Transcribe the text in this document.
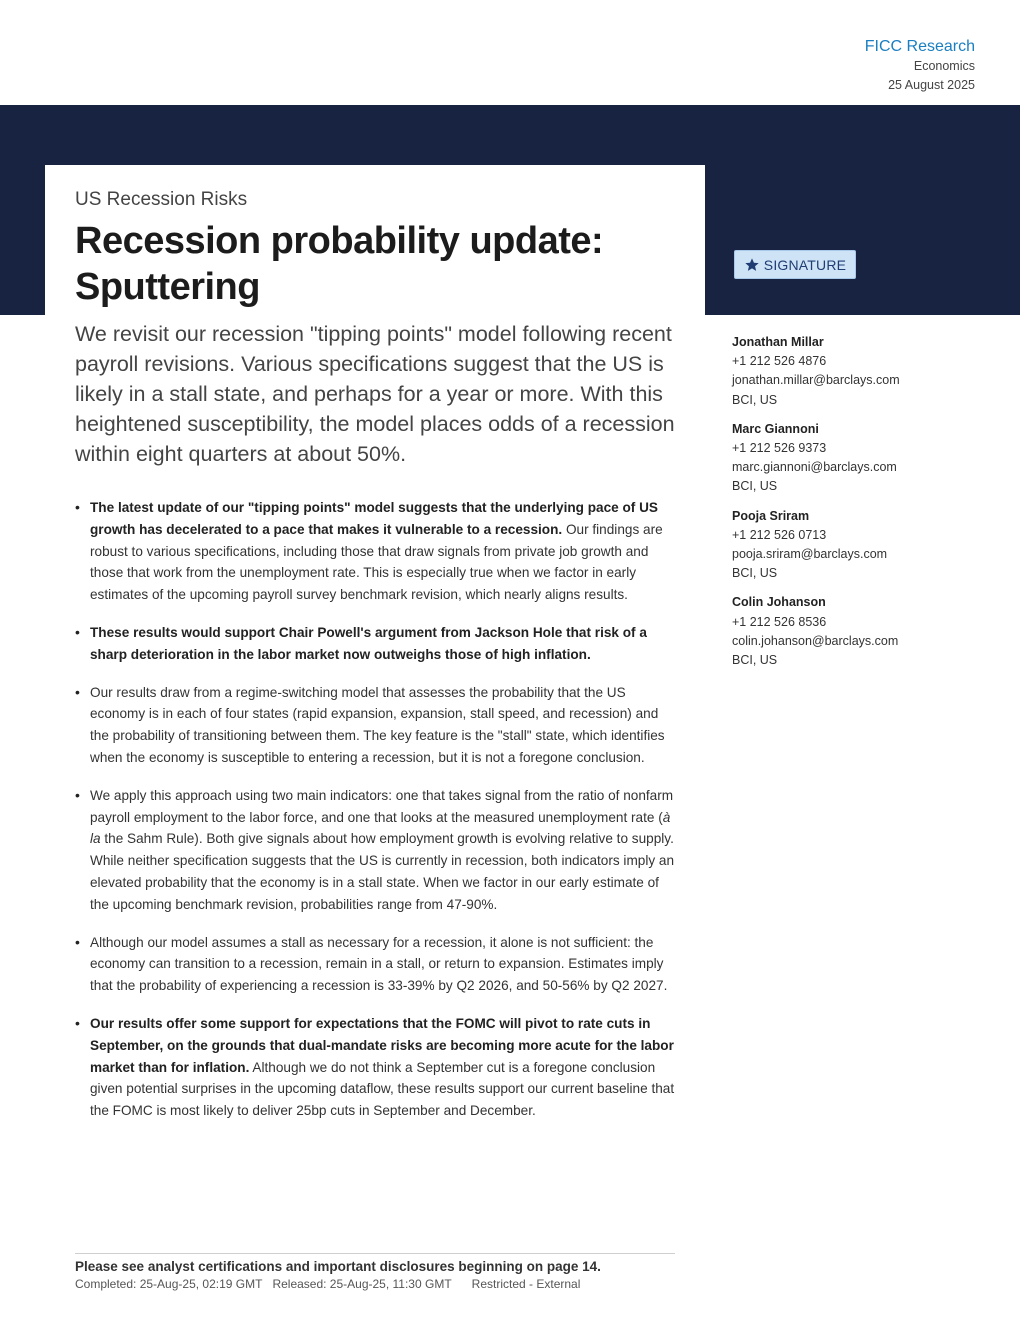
FICC Research
Economics
25 August 2025
US Recession Risks
Recession probability update:
Sputtering
SIGNATURE

We revisit our recession "tipping points" model following recent payroll revisions. Various specifications suggest that the US is likely in a stall state, and perhaps for a year or more. With this heightened susceptibility, the model places odds of a recession within eight quarters at about 50%.

• The latest update of our "tipping points" model suggests that the underlying pace of US growth has decelerated to a pace that makes it vulnerable to a recession. Our findings are robust to various specifications, including those that draw signals from private job growth and those that work from the unemployment rate. This is especially true when we factor in early estimates of the upcoming payroll survey benchmark revision, which nearly aligns results.
• These results would support Chair Powell's argument from Jackson Hole that risk of a sharp deterioration in the labor market now outweighs those of high inflation.
• Our results draw from a regime-switching model that assesses the probability that the US economy is in each of four states (rapid expansion, expansion, stall speed, and recession) and the probability of transitioning between them. The key feature is the "stall" state, which identifies when the economy is susceptible to entering a recession, but it is not a foregone conclusion.
• We apply this approach using two main indicators: one that takes signal from the ratio of nonfarm payroll employment to the labor force, and one that looks at the measured unemployment rate (à la the Sahm Rule). Both give signals about how employment growth is evolving relative to supply. While neither specification suggests that the US is currently in recession, both indicators imply an elevated probability that the economy is in a stall state. When we factor in our early estimate of the upcoming benchmark revision, probabilities range from 47-90%.
• Although our model assumes a stall as necessary for a recession, it alone is not sufficient: the economy can transition to a recession, remain in a stall, or return to expansion. Estimates imply that the probability of experiencing a recession is 33-39% by Q2 2026, and 50-56% by Q2 2027.
• Our results offer some support for expectations that the FOMC will pivot to rate cuts in September, on the grounds that dual-mandate risks are becoming more acute for the labor market than for inflation. Although we do not think a September cut is a foregone conclusion given potential surprises in the upcoming dataflow, these results support our current baseline that the FOMC is most likely to deliver 25bp cuts in September and December.
Jonathan Millar
+1 212 526 4876
jonathan.millar@barclays.com
BCI, US
Marc Giannoni
+1 212 526 9373
marc.giannoni@barclays.com
BCI, US
Pooja Sriram
+1 212 526 0713
pooja.sriram@barclays.com
BCI, US
Colin Johanson
+1 212 526 8536
colin.johanson@barclays.com
BCI, US
Please see analyst certifications and important disclosures beginning on page 14.
Completed: 25-Aug-25, 02:19 GMT Released: 25-Aug-25, 11:30 GMT Restricted - External
